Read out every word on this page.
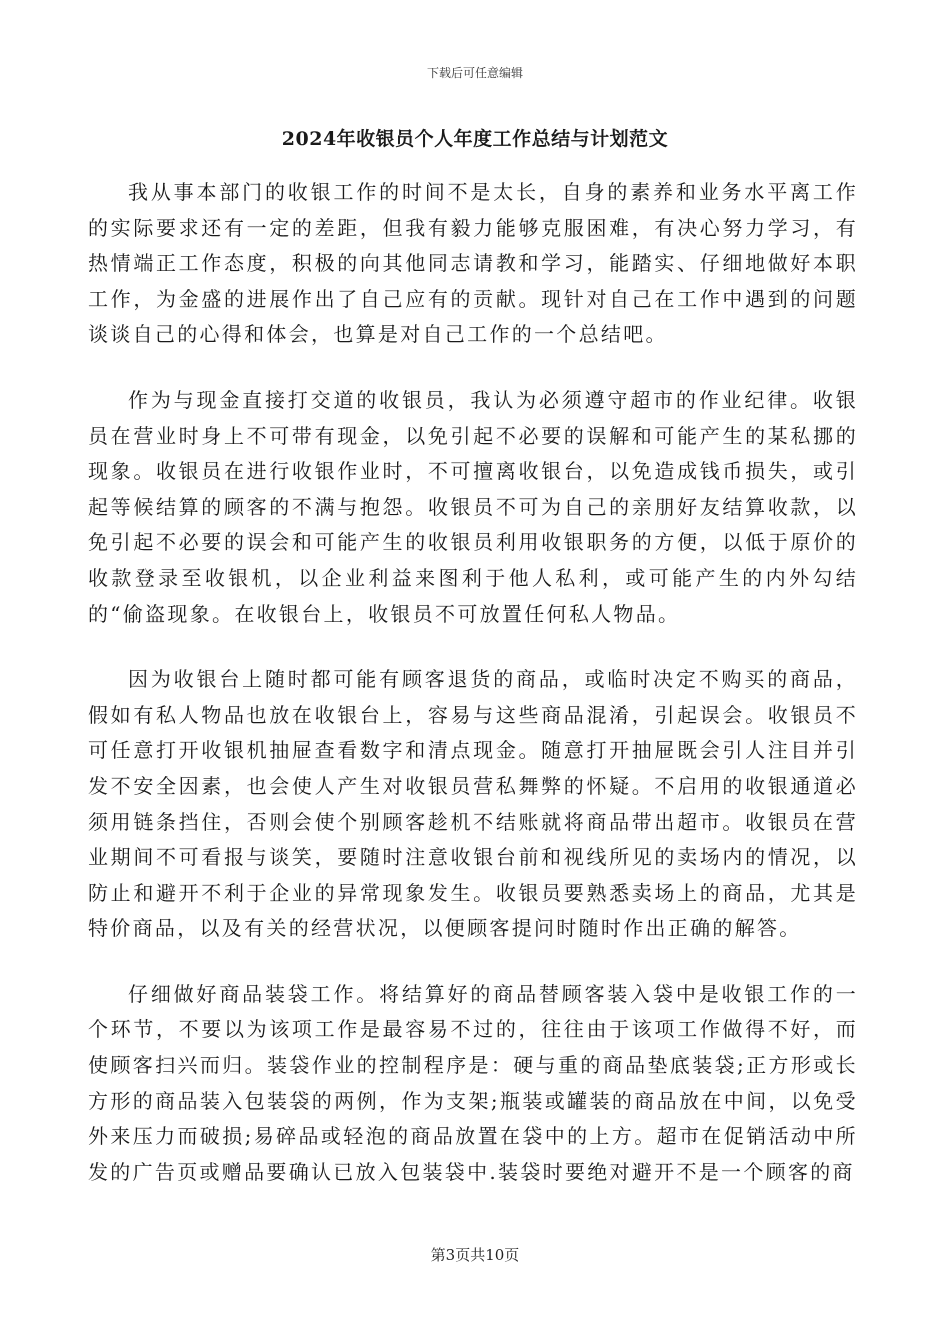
下载后可任意编辑
2024年收银员个人年度工作总结与计划范文

我从事本部门的收银工作的时间不是太长，自身的素养和业务水平离工作的实际要求还有一定的差距，但我有毅力能够克服困难，有决心努力学习，有热情端正工作态度，积极的向其他同志请教和学习，能踏实、仔细地做好本职工作，为金盛的进展作出了自己应有的贡献。现针对自己在工作中遇到的问题谈谈自己的心得和体会，也算是对自己工作的一个总结吧。

作为与现金直接打交道的收银员，我认为必须遵守超市的作业纪律。收银员在营业时身上不可带有现金，以免引起不必要的误解和可能产生的某私挪的现象。收银员在进行收银作业时，不可擅离收银台，以免造成钱币损失，或引起等候结算的顾客的不满与抱怨。收银员不可为自己的亲朋好友结算收款，以免引起不必要的误会和可能产生的收银员利用收银职务的方便，以低于原价的收款登录至收银机，以企业利益来图利于他人私利，或可能产生的内外勾结的“偷盗现象。在收银台上，收银员不可放置任何私人物品。

因为收银台上随时都可能有顾客退货的商品，或临时决定不购买的商品，假如有私人物品也放在收银台上，容易与这些商品混淆，引起误会。收银员不可任意打开收银机抽屉查看数字和清点现金。随意打开抽屉既会引人注目并引发不安全因素，也会使人产生对收银员营私舞弊的怀疑。不启用的收银通道必须用链条挡住，否则会使个别顾客趁机不结账就将商品带出超市。收银员在营业期间不可看报与谈笑，要随时注意收银台前和视线所见的卖场内的情况，以防止和避开不利于企业的异常现象发生。收银员要熟悉卖场上的商品，尤其是特价商品，以及有关的经营状况，以便顾客提问时随时作出正确的解答。

仔细做好商品装袋工作。将结算好的商品替顾客装入袋中是收银工作的一个环节，不要以为该项工作是最容易不过的，往往由于该项工作做得不好，而使顾客扫兴而归。装袋作业的控制程序是：硬与重的商品垫底装袋;正方形或长方形的商品装入包装袋的两例，作为支架;瓶装或罐装的商品放在中间，以免受外来压力而破损;易碎品或轻泡的商品放置在袋中的上方。超市在促销活动中所发的广告页或赠品要确认已放入包装袋中.装袋时要绝对避开不是一个顾客的商

第3页共10页
